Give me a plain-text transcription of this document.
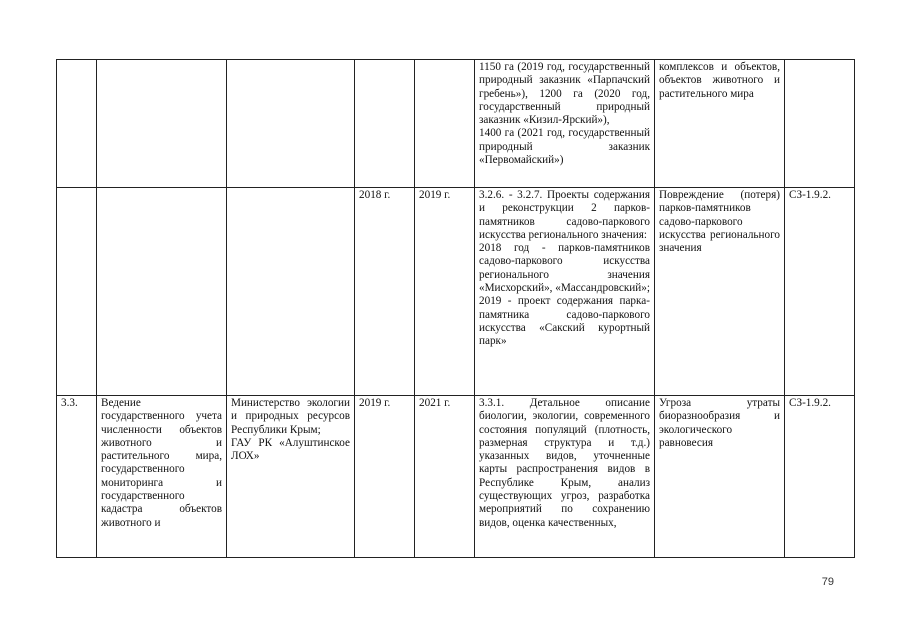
					1150 га (2019 год, государственный природный заказник «Парпачский гребень»), 1200 га (2020 год, государственный природный заказник «Кизил-Ярский»),
1400 га (2021 год, государственный природный заказник «Первомайский»)	комплексов и объектов, объектов животного и растительного мира	
			2018 г.	2019 г.	3.2.6. - 3.2.7. Проекты содержания и реконструкции 2 парков-памятников садово-паркового искусства регионального значения:
2018 год - парков-памятников садово-паркового искусства регионального значения «Мисхорский», «Массандровский»;
2019 - проект содержания парка-памятника садово-паркового искусства «Сакский курортный парк»	Повреждение (потеря) парков-памятников садово-паркового искусства регионального значения	СЗ-1.9.2.
3.3.	Ведение государственного учета численности объектов животного и растительного мира, государственного мониторинга и государственного кадастра объектов животного и	Министерство экологии и природных ресурсов Республики Крым;
ГАУ РК «Алуштинское ЛОХ»	2019 г.	2021 г.	3.3.1. Детальное описание биологии, экологии, современного состояния популяций (плотность, размерная структура и т.д.) указанных видов, уточненные карты распространения видов в Республике Крым, анализ существующих угроз, разработка мероприятий по сохранению видов, оценка качественных,	Угроза утраты биоразнообразия и экологического равновесия	СЗ-1.9.2.
79
